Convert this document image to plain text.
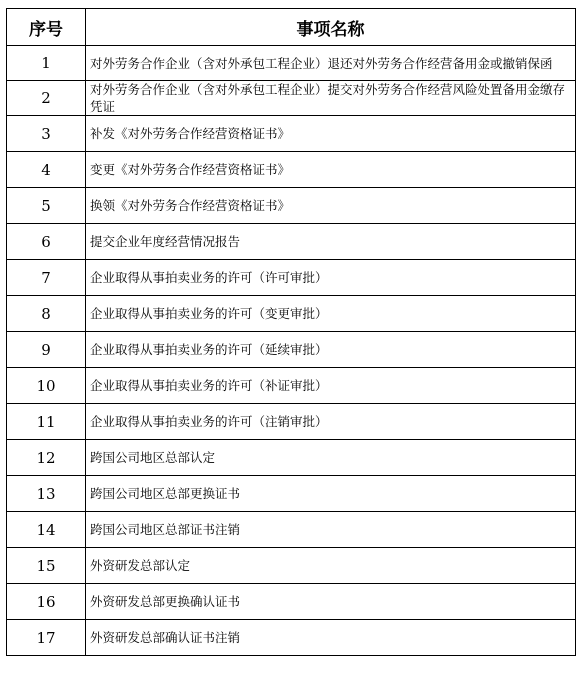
序号	事项名称
1	对外劳务合作企业（含对外承包工程企业）退还对外劳务合作经营备用金或撤销保函
2	对外劳务合作企业（含对外承包工程企业）提交对外劳务合作经营风险处置备用金缴存凭证
3	补发《对外劳务合作经营资格证书》
4	变更《对外劳务合作经营资格证书》
5	换领《对外劳务合作经营资格证书》
6	提交企业年度经营情况报告
7	企业取得从事拍卖业务的许可（许可审批）
8	企业取得从事拍卖业务的许可（变更审批）
9	企业取得从事拍卖业务的许可（延续审批）
10	企业取得从事拍卖业务的许可（补证审批）
11	企业取得从事拍卖业务的许可（注销审批）
12	跨国公司地区总部认定
13	跨国公司地区总部更换证书
14	跨国公司地区总部证书注销
15	外资研发总部认定
16	外资研发总部更换确认证书
17	外资研发总部确认证书注销
